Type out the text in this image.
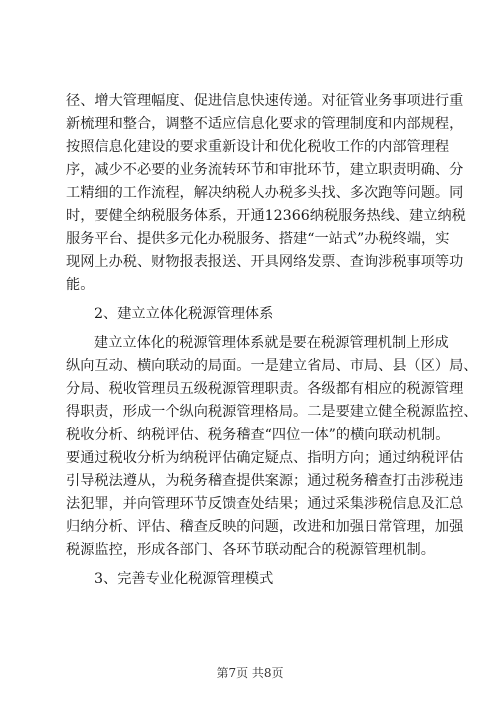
径、增大管理幅度、促进信息快速传递。对征管业务事项进行重
新梳理和整合，调整不适应信息化要求的管理制度和内部规程，
按照信息化建设的要求重新设计和优化税收工作的内部管理程
序，减少不必要的业务流转环节和审批环节，建立职责明确、分
工精细的工作流程，解决纳税人办税多头找、多次跑等问题。同
时，要健全纳税服务体系，开通12366纳税服务热线、建立纳税
服务平台、提供多元化办税服务、搭建“一站式”办税终端，实
现网上办税、财物报表报送、开具网络发票、查询涉税事项等功
能。
2、建立立体化税源管理体系
建立立体化的税源管理体系就是要在税源管理机制上形成
纵向互动、横向联动的局面。一是建立省局、市局、县（区）局、
分局、税收管理员五级税源管理职责。各级都有相应的税源管理
得职责，形成一个纵向税源管理格局。二是要建立健全税源监控、
税收分析、纳税评估、税务稽查“四位一体”的横向联动机制。
要通过税收分析为纳税评估确定疑点、指明方向；通过纳税评估
引导税法遵从，为税务稽查提供案源；通过税务稽查打击涉税违
法犯罪，并向管理环节反馈查处结果；通过采集涉税信息及汇总
归纳分析、评估、稽查反映的问题，改进和加强日常管理，加强
税源监控，形成各部门、各环节联动配合的税源管理机制。
3、完善专业化税源管理模式
第7页 共8页
